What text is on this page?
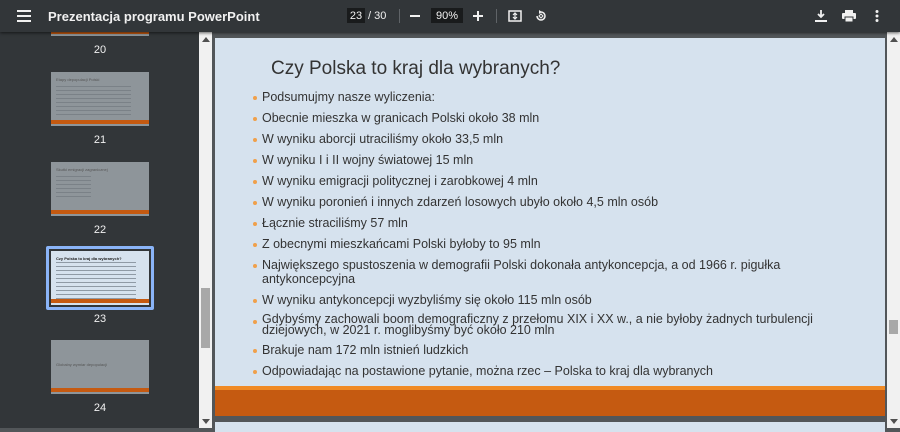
Prezentacja programu PowerPoint	23 / 30	90%
20
Etapy depopulacji Polski
21
Skutki emigracji zagranicznej
22
Czy Polska to kraj dla wybranych?
23
Globalny wymiar depopulacji
24
Czy Polska to kraj dla wybranych?
Podsumujmy nasze wyliczenia:
Obecnie mieszka w granicach Polski około 38 mln
W wyniku aborcji utraciliśmy około 33,5 mln
W wyniku I i II wojny światowej 15 mln
W wyniku emigracji politycznej i zarobkowej 4 mln
W wyniku poronień i innych zdarzeń losowych ubyło około 4,5 mln osób
Łącznie straciliśmy 57 mln
Z obecnymi mieszkańcami Polski byłoby to 95 mln
Największego spustoszenia w demografii Polski dokonała antykoncepcja, a od 1966 r. pigułka antykoncepcyjna
W wyniku antykoncepcji wyzbyliśmy się około 115 mln osób
Gdybyśmy zachowali boom demograficzny z przełomu XIX i XX w., a nie byłoby żadnych turbulencji dziejowych, w 2021 r. moglibyśmy być około 210 mln
Brakuje nam 172 mln istnień ludzkich
Odpowiadając na postawione pytanie, można rzec – Polska to kraj dla wybranych
